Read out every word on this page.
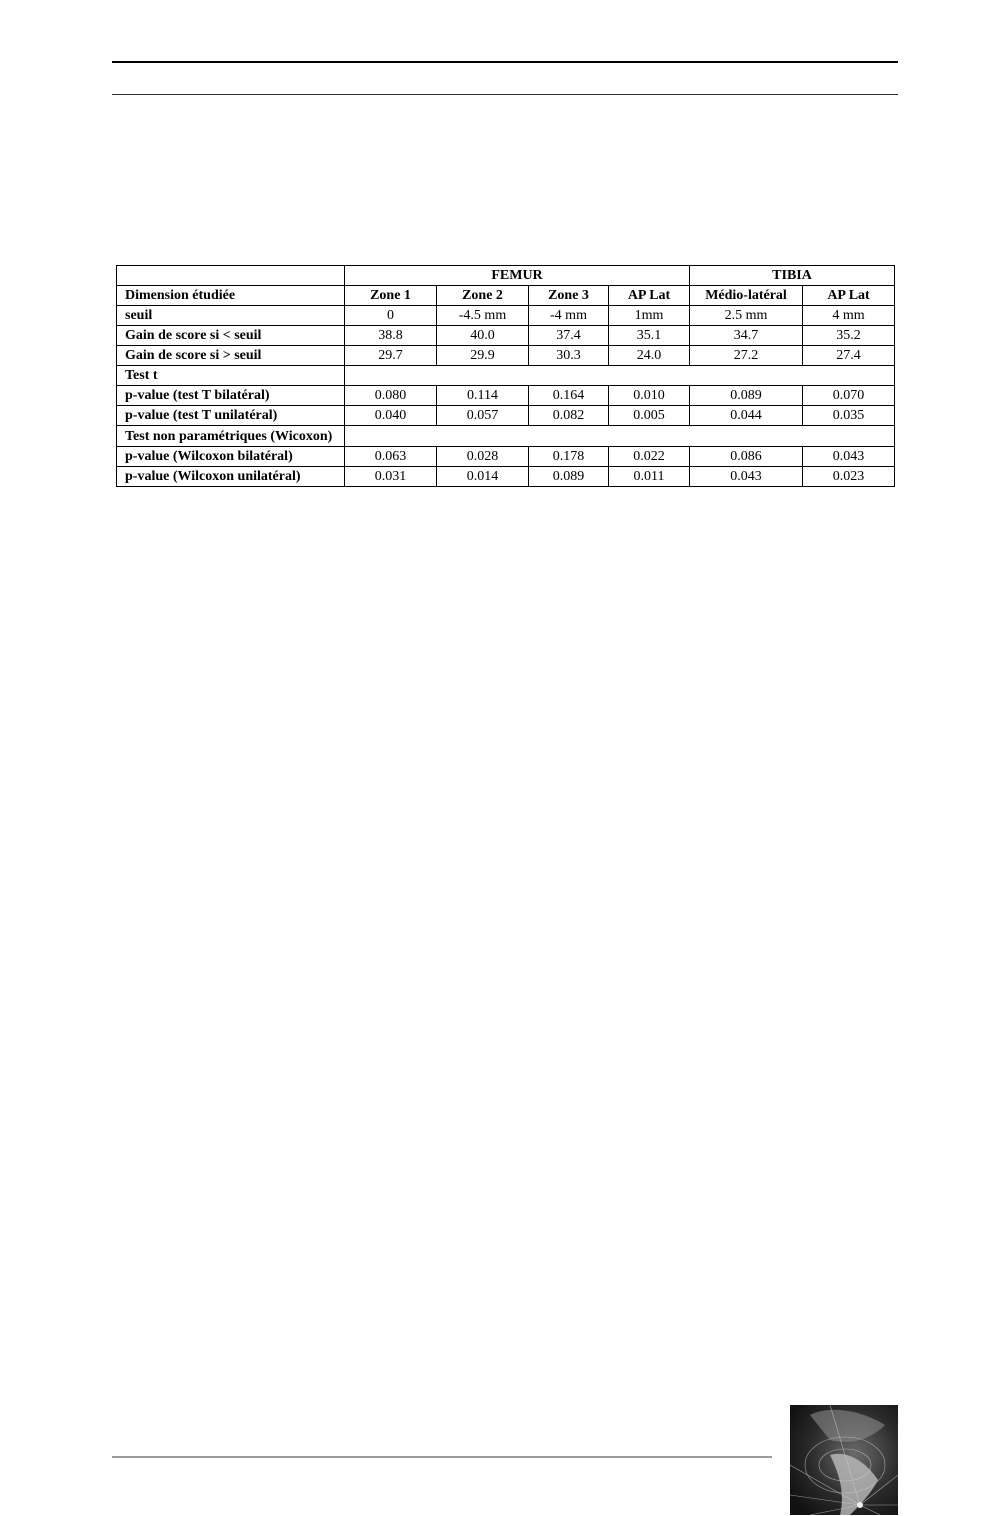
	FEMUR				TIBIA	
Dimension étudiée	Zone 1	Zone 2	Zone 3	AP Lat	Médio-latéral	AP Lat
seuil	0	-4.5 mm	-4 mm	1mm	2.5 mm	4 mm
Gain de score si < seuil	38.8	40.0	37.4	35.1	34.7	35.2
Gain de score si > seuil	29.7	29.9	30.3	24.0	27.2	27.4
Test t						
p-value (test T bilatéral)	0.080	0.114	0.164	0.010	0.089	0.070
p-value (test T unilatéral)	0.040	0.057	0.082	0.005	0.044	0.035
Test non paramétriques (Wicoxon)						
p-value (Wilcoxon bilatéral)	0.063	0.028	0.178	0.022	0.086	0.043
p-value (Wilcoxon unilatéral)	0.031	0.014	0.089	0.011	0.043	0.023
